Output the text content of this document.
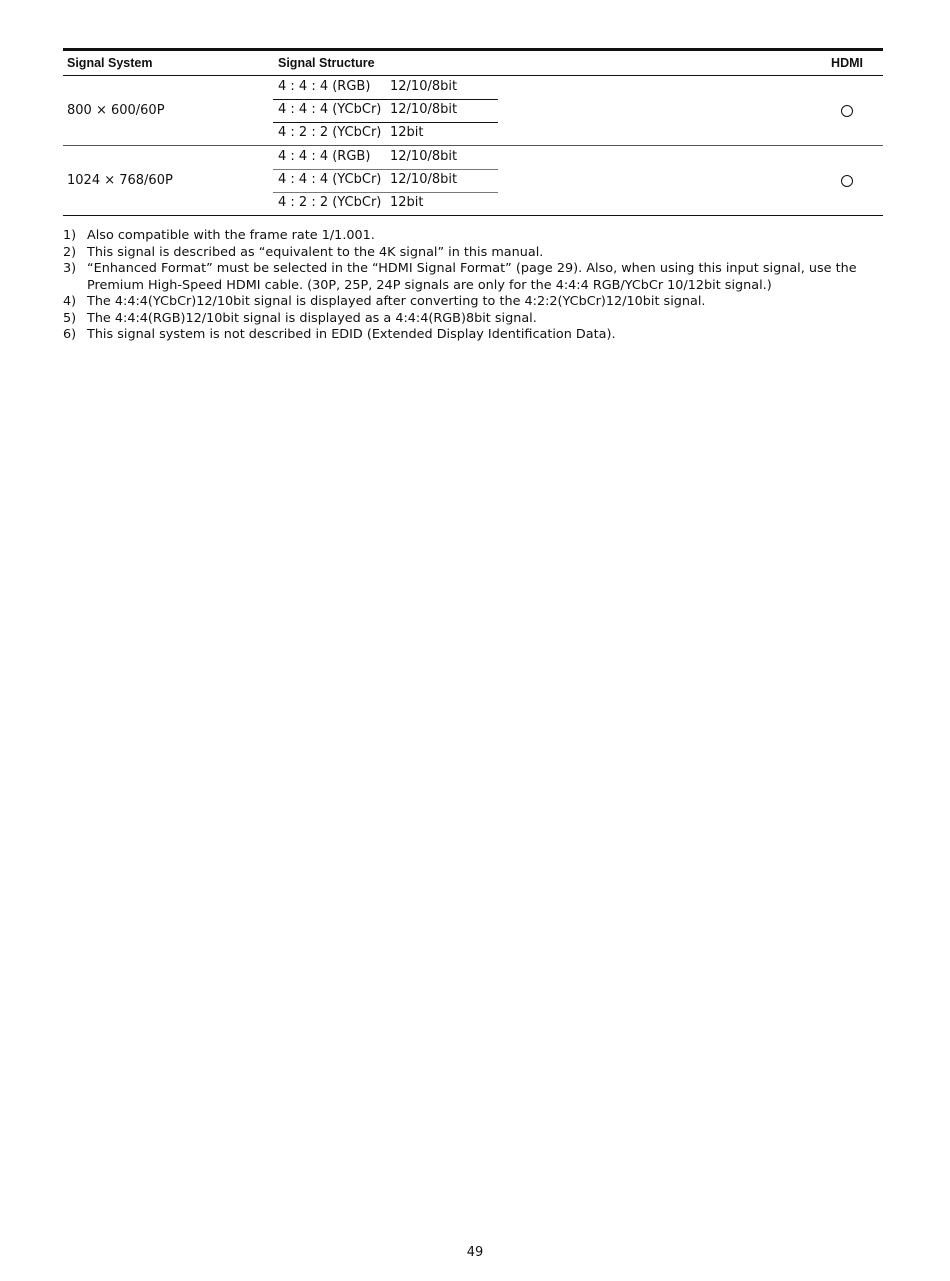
Signal System	Signal Structure	HDMI
800 × 600/60P
4 : 4 : 4 (RGB) 12/10/8bit
4 : 4 : 4 (YCbCr) 12/10/8bit
4 : 2 : 2 (YCbCr) 12bit
1024 × 768/60P
4 : 4 : 4 (RGB) 12/10/8bit
4 : 4 : 4 (YCbCr) 12/10/8bit
4 : 2 : 2 (YCbCr) 12bit
1) Also compatible with the frame rate 1/1.001.
2) This signal is described as “equivalent to the 4K signal” in this manual.
3) “Enhanced Format” must be selected in the “HDMI Signal Format” (page 29). Also, when using this input signal, use the Premium High-Speed HDMI cable. (30P, 25P, 24P signals are only for the 4:4:4 RGB/YCbCr 10/12bit signal.)
4) The 4:4:4(YCbCr)12/10bit signal is displayed after converting to the 4:2:2(YCbCr)12/10bit signal.
5) The 4:4:4(RGB)12/10bit signal is displayed as a 4:4:4(RGB)8bit signal.
6) This signal system is not described in EDID (Extended Display Identification Data).
49
